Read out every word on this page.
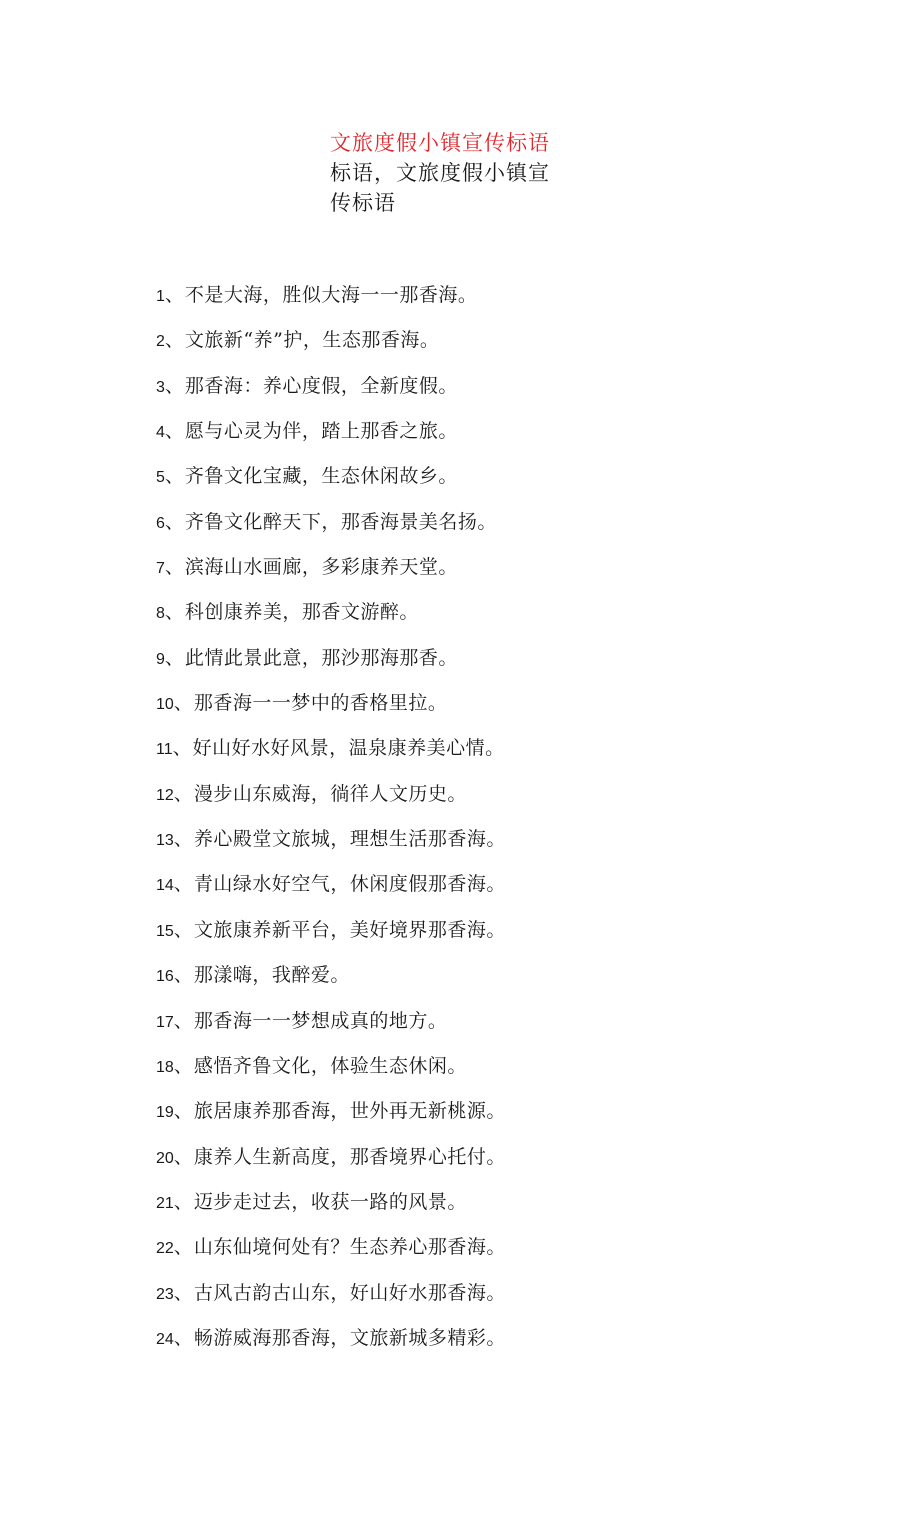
文旅度假小镇宣传标语标语，文旅度假小镇宣传标语
1、不是大海，胜似大海一一那香海。
2、文旅新“养”护，生态那香海。
3、那香海：养心度假，全新度假。
4、愿与心灵为伴，踏上那香之旅。
5、齐鲁文化宝藏，生态休闲故乡。
6、齐鲁文化醉天下，那香海景美名扬。
7、滨海山水画廊，多彩康养天堂。
8、科创康养美，那香文游醉。
9、此情此景此意，那沙那海那香。
10、那香海一一梦中的香格里拉。
11、好山好水好风景，温泉康养美心情。
12、漫步山东威海，徜徉人文历史。
13、养心殿堂文旅城，理想生活那香海。
14、青山绿水好空气，休闲度假那香海。
15、文旅康养新平台，美好境界那香海。
16、那漾嗨，我醉爱。
17、那香海一一梦想成真的地方。
18、感悟齐鲁文化，体验生态休闲。
19、旅居康养那香海，世外再无新桃源。
20、康养人生新高度，那香境界心托付。
21、迈步走过去，收获一路的风景。
22、山东仙境何处有？生态养心那香海。
23、古风古韵古山东，好山好水那香海。
24、畅游威海那香海，文旅新城多精彩。
